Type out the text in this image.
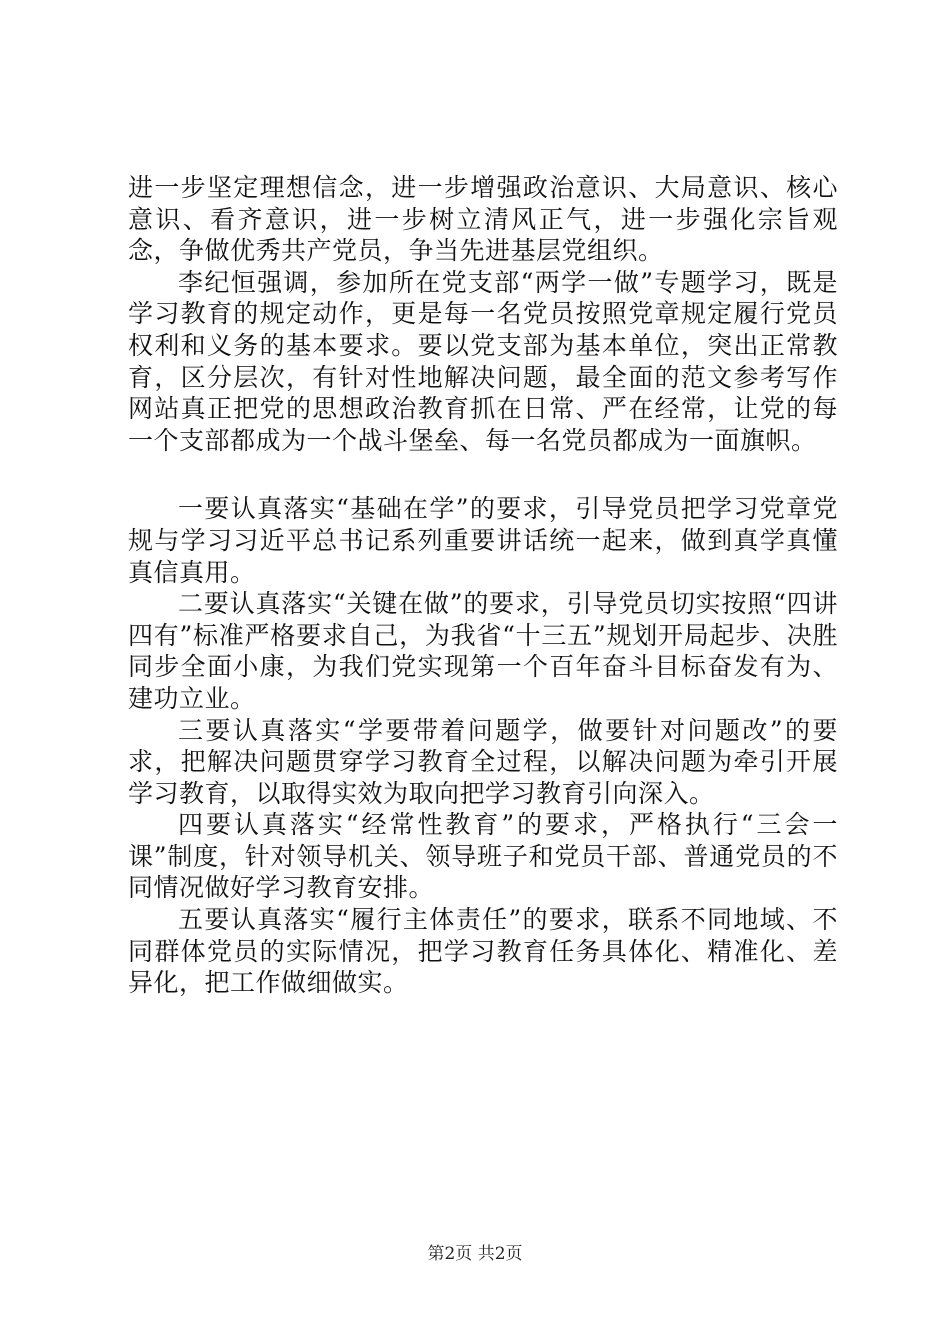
进一步坚定理想信念，进一步增强政治意识、大局意识、核心意识、看齐意识，进一步树立清风正气，进一步强化宗旨观念，争做优秀共产党员，争当先进基层党组织。

李纪恒强调，参加所在党支部“两学一做”专题学习，既是学习教育的规定动作，更是每一名党员按照党章规定履行党员权利和义务的基本要求。要以党支部为基本单位，突出正常教育，区分层次，有针对性地解决问题，最全面的范文参考写作网站真正把党的思想政治教育抓在日常、严在经常，让党的每一个支部都成为一个战斗堡垒、每一名党员都成为一面旗帜。

一要认真落实“基础在学”的要求，引导党员把学习党章党规与学习习近平总书记系列重要讲话统一起来，做到真学真懂真信真用。

二要认真落实“关键在做”的要求，引导党员切实按照“四讲四有”标准严格要求自己，为我省“十三五”规划开局起步、决胜同步全面小康，为我们党实现第一个百年奋斗目标奋发有为、建功立业。

三要认真落实“学要带着问题学，做要针对问题改”的要求，把解决问题贯穿学习教育全过程，以解决问题为牵引开展学习教育，以取得实效为取向把学习教育引向深入。

四要认真落实“经常性教育”的要求，严格执行“三会一课”制度，针对领导机关、领导班子和党员干部、普通党员的不同情况做好学习教育安排。

五要认真落实“履行主体责任”的要求，联系不同地域、不同群体党员的实际情况，把学习教育任务具体化、精准化、差异化，把工作做细做实。

第2页 共2页
